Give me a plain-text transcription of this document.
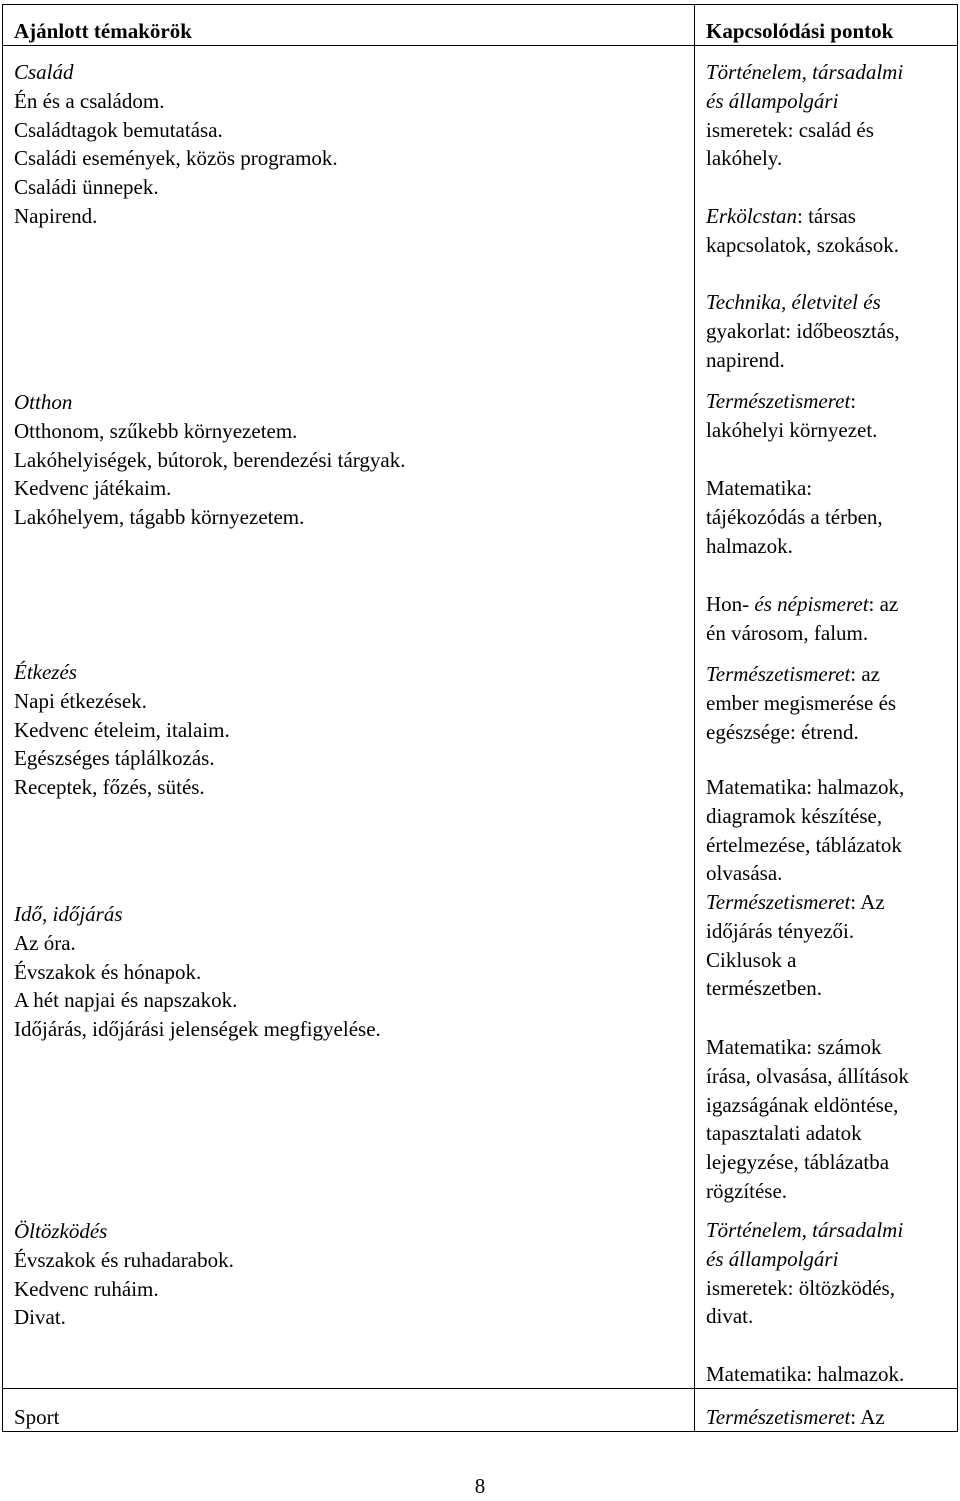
Ajánlott témakörök	Kapcsolódási pontok
Család
Én és a családom.
Családtagok bemutatása.
Családi események, közös programok.
Családi ünnepek.
Napirend.
Otthon
Otthonom, szűkebb környezetem.
Lakóhelyiségek, bútorok, berendezési tárgyak.
Kedvenc játékaim.
Lakóhelyem, tágabb környezetem.
Étkezés
Napi étkezések.
Kedvenc ételeim, italaim.
Egészséges táplálkozás.
Receptek, főzés, sütés.
Idő, időjárás
Az óra.
Évszakok és hónapok.
A hét napjai és napszakok.
Időjárás, időjárási jelenségek megfigyelése.
Öltözködés
Évszakok és ruhadarabok.
Kedvenc ruháim.
Divat.
Sport
Történelem, társadalmi
és állampolgári
ismeretek: család és
lakóhely.
Erkölcstan: társas
kapcsolatok, szokások.
Technika, életvitel és
gyakorlat: időbeosztás,
napirend.
Természetismeret:
lakóhelyi környezet.
Matematika:
tájékozódás a térben,
halmazok.
Hon- és népismeret: az
én városom, falum.
Természetismeret: az
ember megismerése és
egészsége: étrend.
Matematika: halmazok,
diagramok készítése,
értelmezése, táblázatok
olvasása.
Természetismeret: Az
időjárás tényezői.
Ciklusok a
természetben.
Matematika: számok
írása, olvasása, állítások
igazságának eldöntése,
tapasztalati adatok
lejegyzése, táblázatba
rögzítése.
Történelem, társadalmi
és állampolgári
ismeretek: öltözködés,
divat.
Matematika: halmazok.
Természetismeret: Az
8
